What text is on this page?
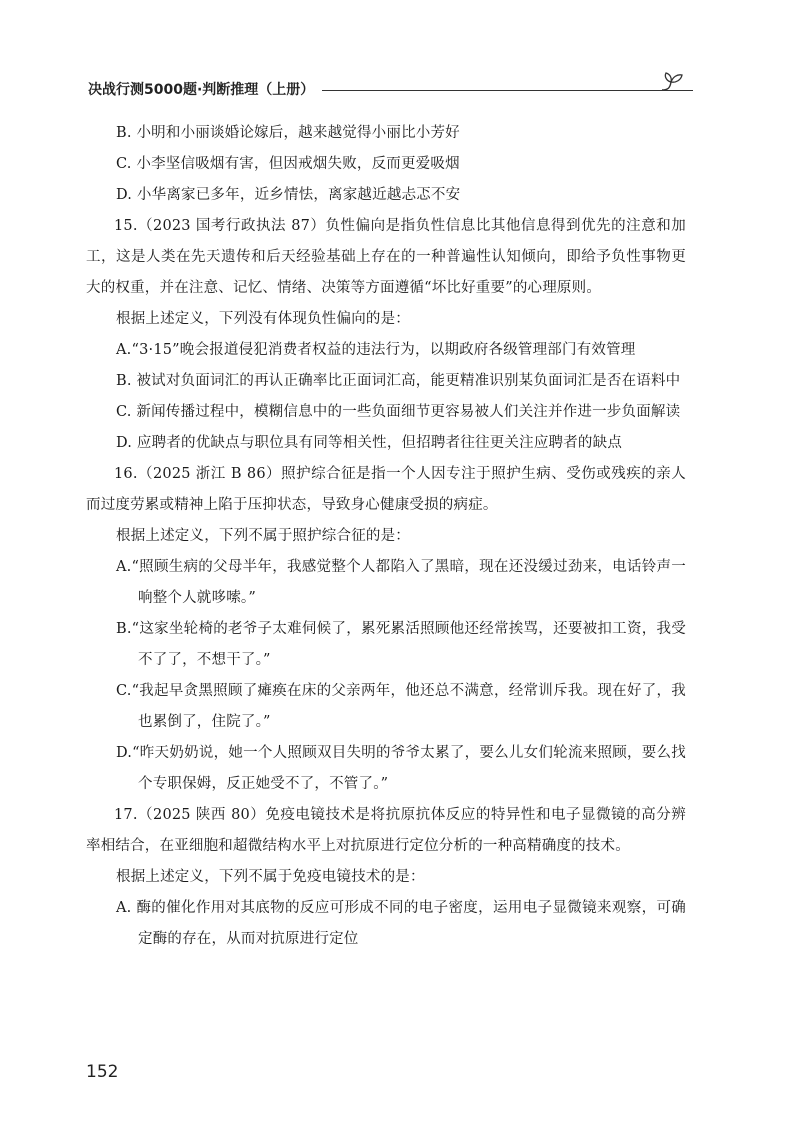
决战行测5000题·判断推理（上册）

B. 小明和小丽谈婚论嫁后，越来越觉得小丽比小芳好

C. 小李坚信吸烟有害，但因戒烟失败，反而更爱吸烟

D. 小华离家已多年，近乡情怯，离家越近越忐忑不安

15.（2023 国考行政执法 87）负性偏向是指负性信息比其他信息得到优先的注意和加工，这是人类在先天遗传和后天经验基础上存在的一种普遍性认知倾向，即给予负性事物更大的权重，并在注意、记忆、情绪、决策等方面遵循“坏比好重要”的心理原则。

根据上述定义，下列没有体现负性偏向的是：

A.“3·15”晚会报道侵犯消费者权益的违法行为，以期政府各级管理部门有效管理

B. 被试对负面词汇的再认正确率比正面词汇高，能更精准识别某负面词汇是否在语料中

C. 新闻传播过程中，模糊信息中的一些负面细节更容易被人们关注并作进一步负面解读

D. 应聘者的优缺点与职位具有同等相关性，但招聘者往往更关注应聘者的缺点

16.（2025 浙江 B 86）照护综合征是指一个人因专注于照护生病、受伤或残疾的亲人而过度劳累或精神上陷于压抑状态，导致身心健康受损的病症。

根据上述定义，下列不属于照护综合征的是：

A.“照顾生病的父母半年，我感觉整个人都陷入了黑暗，现在还没缓过劲来，电话铃声一响整个人就哆嗦。”

B.“这家坐轮椅的老爷子太难伺候了，累死累活照顾他还经常挨骂，还要被扣工资，我受不了了，不想干了。”

C.“我起早贪黑照顾了瘫痪在床的父亲两年，他还总不满意，经常训斥我。现在好了，我也累倒了，住院了。”

D.“昨天奶奶说，她一个人照顾双目失明的爷爷太累了，要么儿女们轮流来照顾，要么找个专职保姆，反正她受不了，不管了。”

17.（2025 陕西 80）免疫电镜技术是将抗原抗体反应的特异性和电子显微镜的高分辨率相结合，在亚细胞和超微结构水平上对抗原进行定位分析的一种高精确度的技术。

根据上述定义，下列不属于免疫电镜技术的是：

A. 酶的催化作用对其底物的反应可形成不同的电子密度，运用电子显微镜来观察，可确定酶的存在，从而对抗原进行定位

152
